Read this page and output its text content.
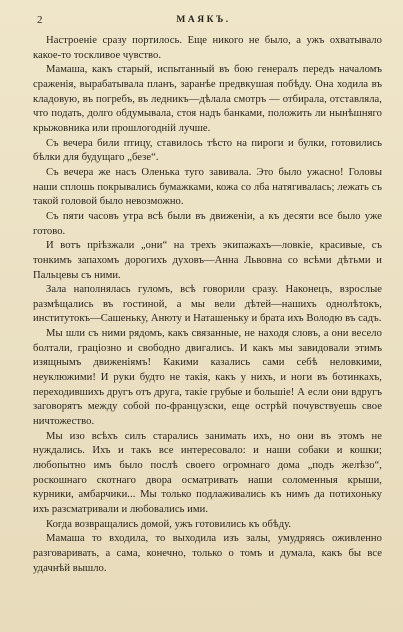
2	МАЯКЪ.

Настроеніе сразу портилось. Еще никого не было, а ужъ охватывало какое-то тоскливое чувство.

Мамаша, какъ старый, испытанный въ бою генералъ передъ началомъ сраженія, вырабатывала планъ, заранѣе предвкушая побѣду. Она ходила въ кладовую, въ погребъ, въ ледникъ—дѣлала смотръ — отбирала, отставляла, что подать, долго обдумывала, стоя надъ банками, положить ли нынѣшняго крыжовника или прошлогодній лучше.

Съ вечера били птицу, ставилось тѣсто на пироги и булки, готовились бѣлки для будущаго „безе“.

Съ вечера же насъ Оленька туго завивала. Это было ужасно! Головы наши сплошь покрывались бумажками, кожа со лба натягивалась; лежать съ такой головой было невозможно.

Съ пяти часовъ утра всѣ были въ движеніи, а къ десяти все было уже готово.

И вотъ пріѣзжали „они“ на трехъ экипажахъ—ловкіе, красивые, съ тонкимъ запахомъ дорогихъ духовъ—Анна Львовна со всѣми дѣтьми и Пальцевы съ ними.

Зала наполнялась гуломъ, всѣ говорили сразу. Наконецъ, взрослые размѣщались въ гостиной, а мы вели дѣтей—нашихъ однолѣтокъ, институтокъ—Сашеньку, Анюту и Наташеньку и брата ихъ Володю въ садъ.

Мы шли съ ними рядомъ, какъ связанные, не находя словъ, а они весело болтали, граціозно и свободно двигались. И какъ мы завидовали этимъ изящнымъ движеніямъ! Какими казались сами себѣ неловкими, неуклюжими! И руки будто не такія, какъ у нихъ, и ноги въ ботинкахъ, переходившихъ другъ отъ друга, такіе грубые и большіе! А если они вдругъ заговорятъ между собой по-французски, еще острѣй почувствуешь свое ничтожество.

Мы изо всѣхъ силъ старались занимать ихъ, но они въ этомъ не нуждались. Ихъ и такъ все интересовало: и наши собаки и кошки; любопытно имъ было послѣ своего огромнаго дома „подъ желѣзо“, роскошнаго скотнаго двора осматривать наши соломенныя крыши, курники, амбарчики... Мы только подлаживались къ нимъ да потихоньку ихъ разсматривали и любовались ими.

Когда возвращались домой, ужъ готовились къ обѣду.

Мамаша то входила, то выходила изъ залы, умудряясь оживленно разговаривать, а сама, конечно, только о томъ и думала, какъ бы все удачнѣй вышло.
